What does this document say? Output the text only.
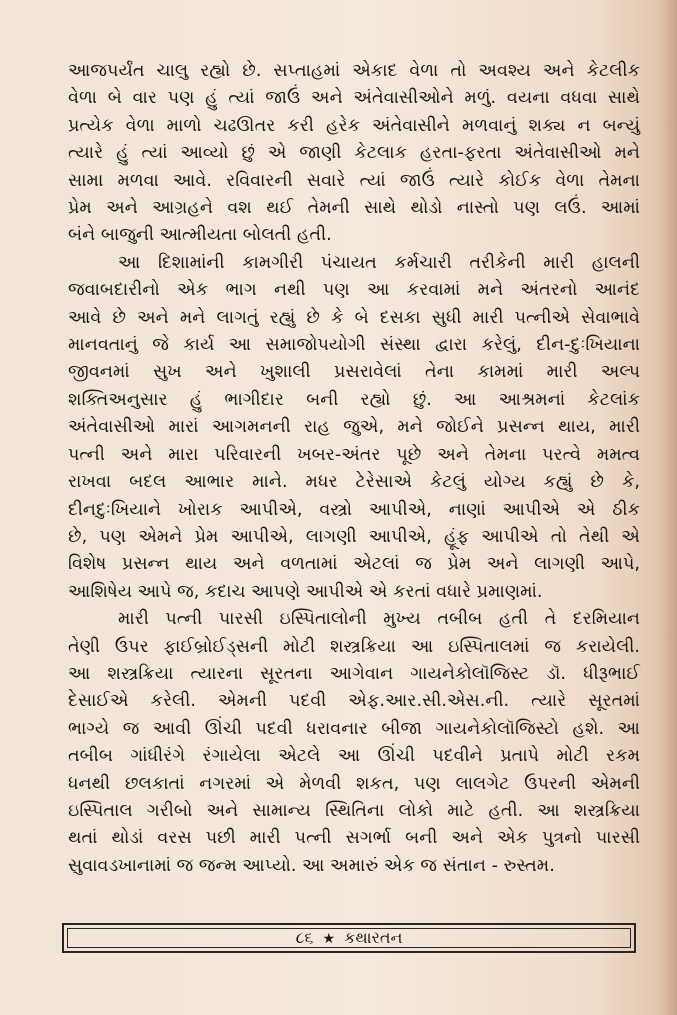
આજપર્યંત ચાલુ રહ્યો છે. સપ્તાહમાં એકાદ વેળા તો અવશ્ય અને કેટલીક
વેળા બે વાર પણ હું ત્યાં જાઉં અને અંતેવાસીઓને મળું. વયના વધવા સાથે
પ્રત્યેક વેળા માળો ચઢઊતર કરી હરેક અંતેવાસીને મળવાનું શક્ય ન બન્યું
ત્યારે હું ત્યાં આવ્યો છું એ જાણી કેટલાક હરતા-ફરતા અંતેવાસીઓ મને
સામા મળવા આવે. રવિવારની સવારે ત્યાં જાઉં ત્યારે કોઈક વેળા તેમના
પ્રેમ અને આગ્રહને વશ થઈ તેમની સાથે થોડો નાસ્તો પણ લઉં. આમાં
બંને બાજુની આત્મીયતા બોલતી હતી.
આ દિશામાંની કામગીરી પંચાયત કર્મચારી તરીકેની મારી હાલની
જવાબદારીનો એક ભાગ નથી પણ આ કરવામાં મને અંતરનો આનંદ
આવે છે અને મને લાગતું રહ્યું છે કે બે દસકા સુધી મારી પત્નીએ સેવાભાવે
માનવતાનું જે કાર્ય આ સમાજોપયોગી સંસ્થા દ્વારા કરેલું, દીન-દુઃખિયાના
જીવનમાં સુખ અને ખુશાલી પ્રસરાવેલાં તેના કામમાં મારી અલ્પ
શક્તિઅનુસાર હું ભાગીદાર બની રહ્યો છું. આ આશ્રમનાં કેટલાંક
અંતેવાસીઓ મારાં આગમનની રાહ જુએ, મને જોઈને પ્રસન્ન થાય, મારી
પત્ની અને મારા પરિવારની ખબર-અંતર પૂછે અને તેમના પરત્વે મમત્વ
રાખવા બદલ આભાર માને. મધર ટેરેસાએ કેટલું યોગ્ય કહ્યું છે કે,
દીનદુઃખિયાને ખોરાક આપીએ, વસ્ત્રો આપીએ, નાણાં આપીએ એ ઠીક
છે, પણ એમને પ્રેમ આપીએ, લાગણી આપીએ, હૂંફ આપીએ તો તેથી એ
વિશેષ પ્રસન્ન થાય અને વળતામાં એટલાં જ પ્રેમ અને લાગણી આપે,
આશિષેય આપે જ, કદાચ આપણે આપીએ એ કરતાં વધારે પ્રમાણમાં.
મારી પત્ની પારસી ઇસ્પિતાલોની મુખ્ય તબીબ હતી તે દરમિયાન
તેણી ઉપર ફાઈબ્રોઈડ્સની મોટી શસ્ત્રક્રિયા આ ઇસ્પિતાલમાં જ કરાયેલી.
આ શસ્ત્રક્રિયા ત્યારના સૂરતના આગેવાન ગાયનેકોલૉજિસ્ટ ડૉ. ધીરૂભાઈ
દેસાઈએ કરેલી. એમની પદવી એફ.આર.સી.એસ.ની. ત્યારે સૂરતમાં
ભાગ્યે જ આવી ઊંચી પદવી ધરાવનાર બીજા ગાયનેકોલૉજિસ્ટો હશે. આ
તબીબ ગાંધીરંગે રંગાયેલા એટલે આ ઊંચી પદવીને પ્રતાપે મોટી રકમ
ધનથી છલકાતાં નગરમાં એ મેળવી શકત, પણ લાલગેટ ઉપરની એમની
ઇસ્પિતાલ ગરીબો અને સામાન્ય સ્થિતિના લોકો માટે હતી. આ શસ્ત્રક્રિયા
થતાં થોડાં વરસ પછી મારી પત્ની સગર્ભા બની અને એક પુત્રનો પારસી
સુવાવડખાનામાં જ જન્મ આપ્યો. આ અમારું એક જ સંતાન - રુસ્તમ.
૮૬ ★ કથારતન
